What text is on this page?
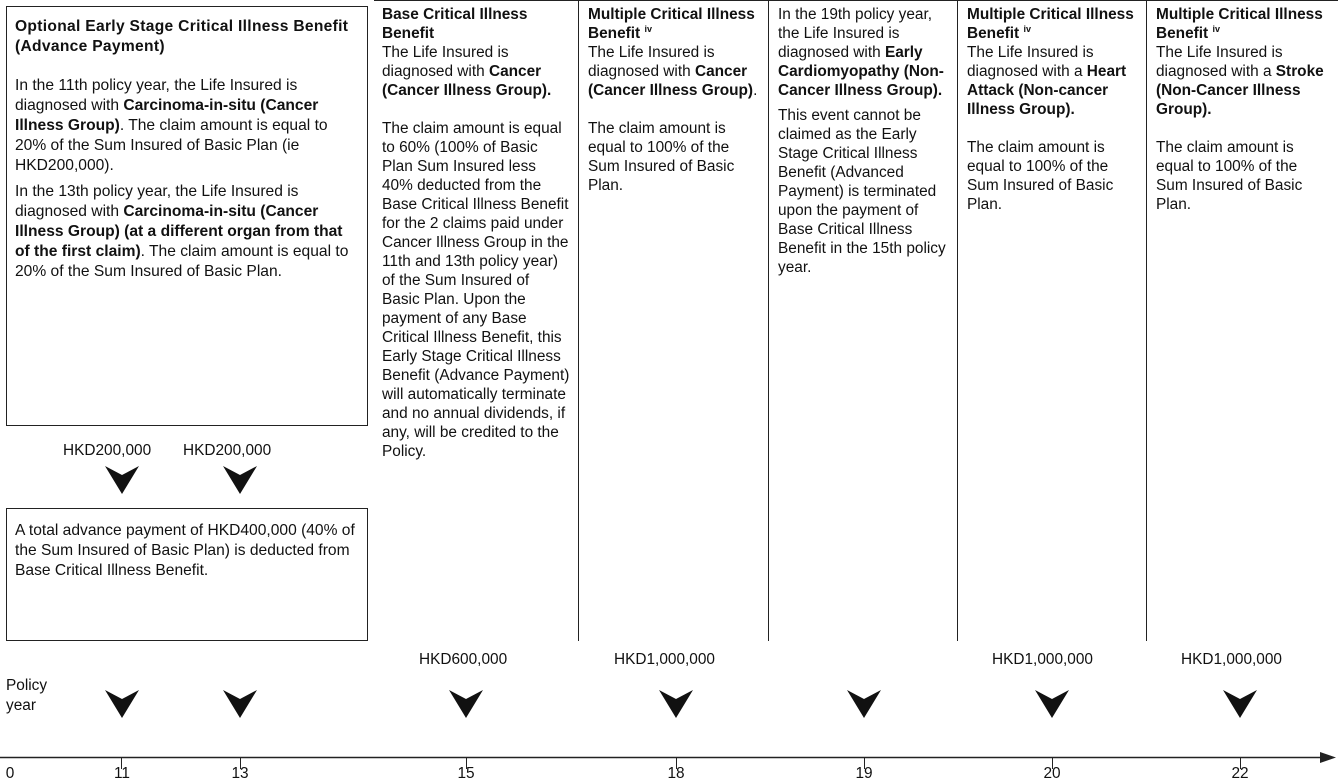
Optional Early Stage Critical Illness Benefit (Advance Payment)

In the 11th policy year, the Life Insured is diagnosed with Carcinoma-in-situ (Cancer Illness Group). The claim amount is equal to 20% of the Sum Insured of Basic Plan (ie HKD200,000).

In the 13th policy year, the Life Insured is diagnosed with Carcinoma-in-situ (Cancer Illness Group) (at a different organ from that of the first claim). The claim amount is equal to 20% of the Sum Insured of Basic Plan.

HKD200,000 HKD200,000

A total advance payment of HKD400,000 (40% of the Sum Insured of Basic Plan) is deducted from Base Critical Illness Benefit.

Base Critical Illness Benefit

The Life Insured is diagnosed with Cancer (Cancer Illness Group).

The claim amount is equal to 60% (100% of Basic Plan Sum Insured less 40% deducted from the Base Critical Illness Benefit for the 2 claims paid under Cancer Illness Group in the 11th and 13th policy year) of the Sum Insured of Basic Plan. Upon the payment of any Base Critical Illness Benefit, this Early Stage Critical Illness Benefit (Advance Payment) will automatically terminate and no annual dividends, if any, will be credited to the Policy.

Multiple Critical Illness Benefit $^{iv}$

The Life Insured is diagnosed with Cancer (Cancer Illness Group).

The claim amount is equal to 100% of the Sum Insured of Basic Plan.

In the 19th policy year, the Life Insured is diagnosed with Early Cardiomyopathy (Non-Cancer Illness Group).

This event cannot be claimed as the Early Stage Critical Illness Benefit (Advanced Payment) is terminated upon the payment of Base Critical Illness Benefit in the 15th policy year.

Multiple Critical Illness Benefit $^{iv}$

The Life Insured is diagnosed with a Heart Attack (Non-cancer Illness Group).

The claim amount is equal to 100% of the Sum Insured of Basic Plan.

Multiple Critical Illness Benefit $^{iv}$

The Life Insured is diagnosed with a Stroke (Non-Cancer Illness Group).

The claim amount is equal to 100% of the Sum Insured of Basic Plan.

HKD600,000	HKD1,000,000	HKD1,000,000	HKD1,000,000
Policy year
0	11	13	15	18	19	20	22
